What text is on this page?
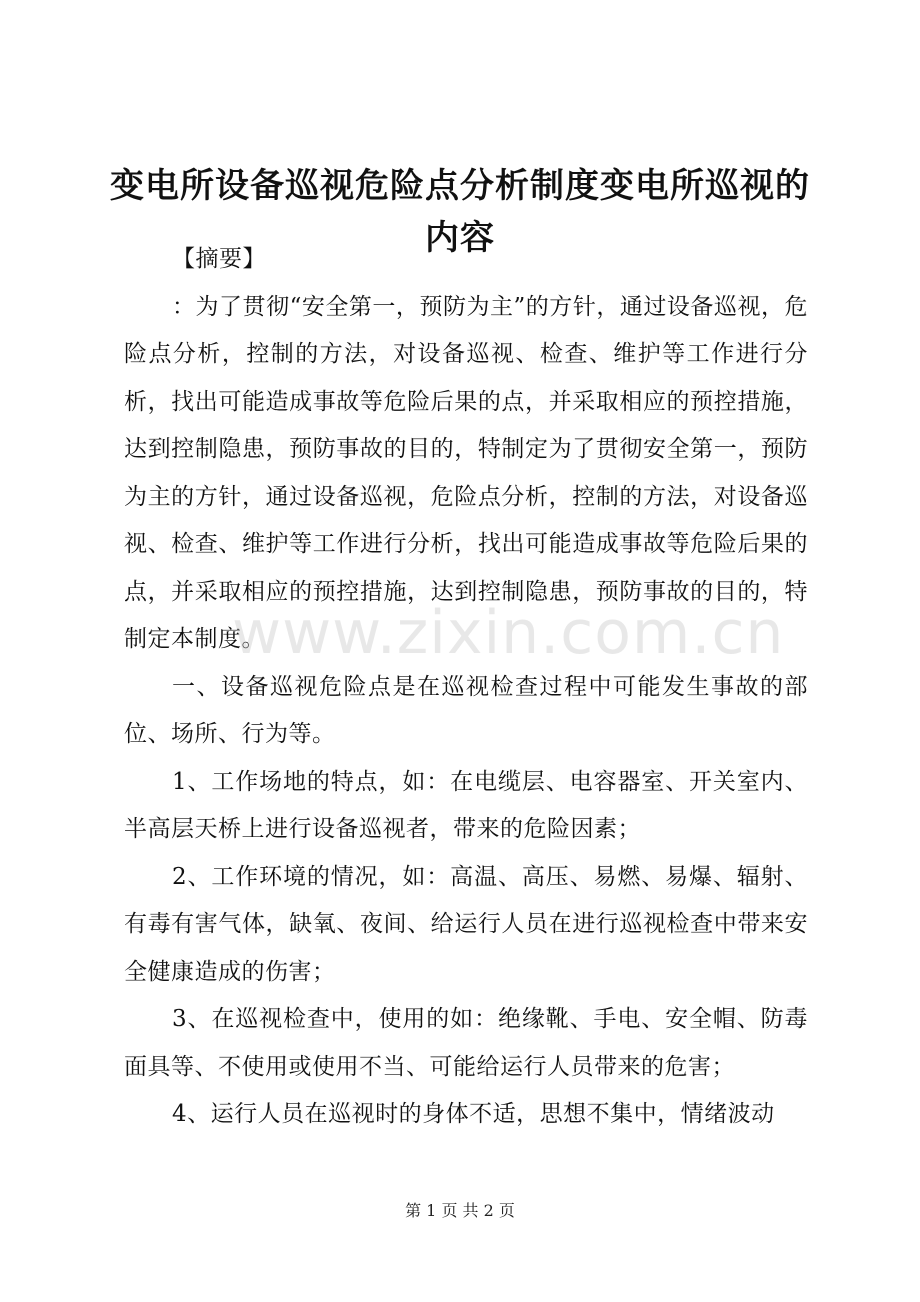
变电所设备巡视危险点分析制度变电所巡视的内容

【摘要】

：为了贯彻“安全第一，预防为主”的方针，通过设备巡视，危险点分析，控制的方法，对设备巡视、检查、维护等工作进行分析，找出可能造成事故等危险后果的点，并采取相应的预控措施，达到控制隐患，预防事故的目的，特制定为了贯彻安全第一，预防为主的方针，通过设备巡视，危险点分析，控制的方法，对设备巡视、检查、维护等工作进行分析，找出可能造成事故等危险后果的点，并采取相应的预控措施，达到控制隐患，预防事故的目的，特制定本制度。

一、设备巡视危险点是在巡视检查过程中可能发生事故的部位、场所、行为等。

1、工作场地的特点，如：在电缆层、电容器室、开关室内、半高层天桥上进行设备巡视者，带来的危险因素；

2、工作环境的情况，如：高温、高压、易燃、易爆、辐射、有毒有害气体，缺氧、夜间、给运行人员在进行巡视检查中带来安全健康造成的伤害；

3、在巡视检查中，使用的如：绝缘靴、手电、安全帽、防毒面具等、不使用或使用不当、可能给运行人员带来的危害；

4、运行人员在巡视时的身体不适，思想不集中，情绪波动

www.zixin.com.cn
第 1 页 共 2 页
